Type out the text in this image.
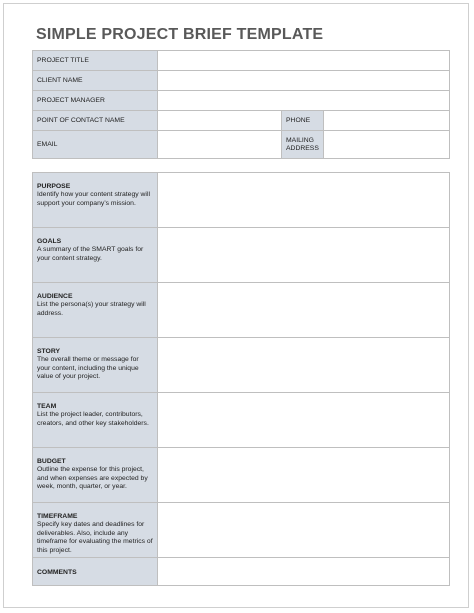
SIMPLE PROJECT BRIEF TEMPLATE
PROJECT TITLE			
CLIENT NAME			
PROJECT MANAGER			
POINT OF CONTACT NAME		PHONE	
EMAIL		MAILING ADDRESS	
PURPOSE
Identify how your content strategy will support your company’s mission.	

GOALS
A summary of the SMART goals for your content strategy.	

AUDIENCE
List the persona(s) your strategy will address.	

STORY
The overall theme or message for your content, including the unique value of your project.	

TEAM
List the project leader, contributors, creators, and other key stakeholders.	

BUDGET
Outline the expense for this project, and when expenses are expected by week, month, quarter, or year.	

TIMEFRAME
Specify key dates and deadlines for deliverables. Also, include any timeframe for evaluating the metrics of this project.	

COMMENTS	
